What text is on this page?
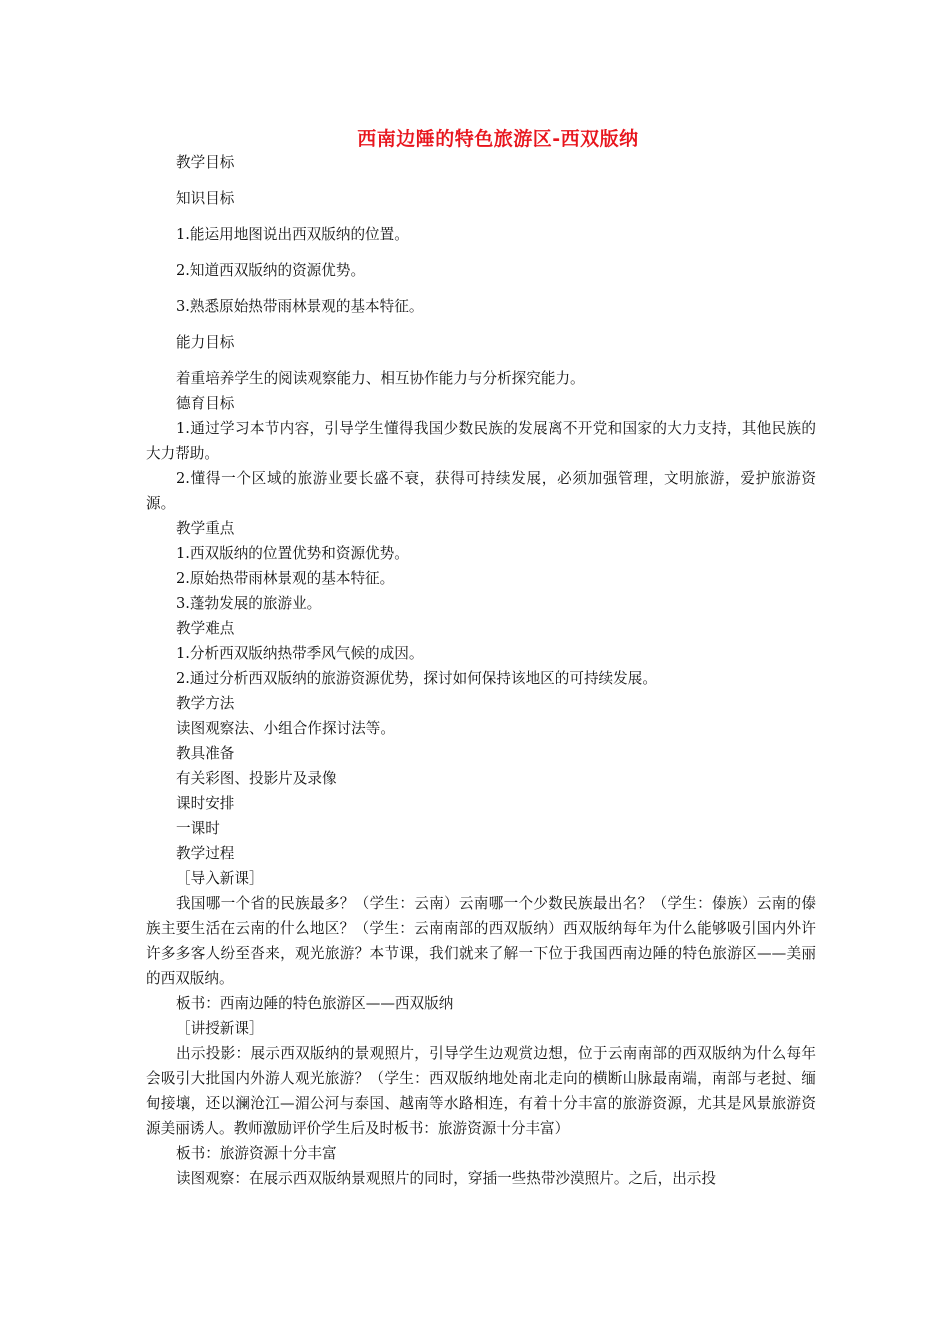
西南边陲的特色旅游区-西双版纳

教学目标

知识目标

1.能运用地图说出西双版纳的位置。

2.知道西双版纳的资源优势。

3.熟悉原始热带雨林景观的基本特征。

能力目标

着重培养学生的阅读观察能力、相互协作能力与分析探究能力。

德育目标

1.通过学习本节内容，引导学生懂得我国少数民族的发展离不开党和国家的大力支持，其他民族的大力帮助。

2.懂得一个区域的旅游业要长盛不衰，获得可持续发展，必须加强管理，文明旅游，爱护旅游资源。

教学重点

1.西双版纳的位置优势和资源优势。

2.原始热带雨林景观的基本特征。

3.蓬勃发展的旅游业。

教学难点

1.分析西双版纳热带季风气候的成因。

2.通过分析西双版纳的旅游资源优势，探讨如何保持该地区的可持续发展。

教学方法

读图观察法、小组合作探讨法等。

教具准备

有关彩图、投影片及录像

课时安排

一课时

教学过程

［导入新课］

我国哪一个省的民族最多？（学生：云南）云南哪一个少数民族最出名？（学生：傣族）云南的傣族主要生活在云南的什么地区？（学生：云南南部的西双版纳）西双版纳每年为什么能够吸引国内外许许多多客人纷至沓来，观光旅游？本节课，我们就来了解一下位于我国西南边陲的特色旅游区——美丽的西双版纳。

板书：西南边陲的特色旅游区——西双版纳

［讲授新课］

出示投影：展示西双版纳的景观照片，引导学生边观赏边想，位于云南南部的西双版纳为什么每年会吸引大批国内外游人观光旅游？（学生：西双版纳地处南北走向的横断山脉最南端，南部与老挝、缅甸接壤，还以澜沧江—湄公河与泰国、越南等水路相连，有着十分丰富的旅游资源，尤其是风景旅游资源美丽诱人。教师激励评价学生后及时板书：旅游资源十分丰富）

板书：旅游资源十分丰富

读图观察：在展示西双版纳景观照片的同时，穿插一些热带沙漠照片。之后，出示投
